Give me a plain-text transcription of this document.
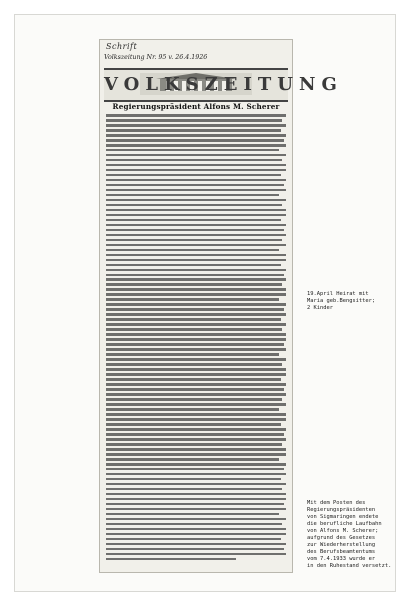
Schrift
Volkszeitung Nr. 95 v. 26.4.1926
VOLKSZEITUNG
Regierungspräsident Alfons M. Scherer
19.April Heirat mit
Maria geb.Bengsitter;
2 Kinder
Mit dem Posten des
Regierungspräsidenten
von Sigmaringen endete
die berufliche Laufbahn
von Alfons M. Scherer;
aufgrund des Gesetzes
zur Wiederherstellung
des Berufsbeamtentums
vom 7.4.1933 wurde er
in den Ruhestand versetzt.
